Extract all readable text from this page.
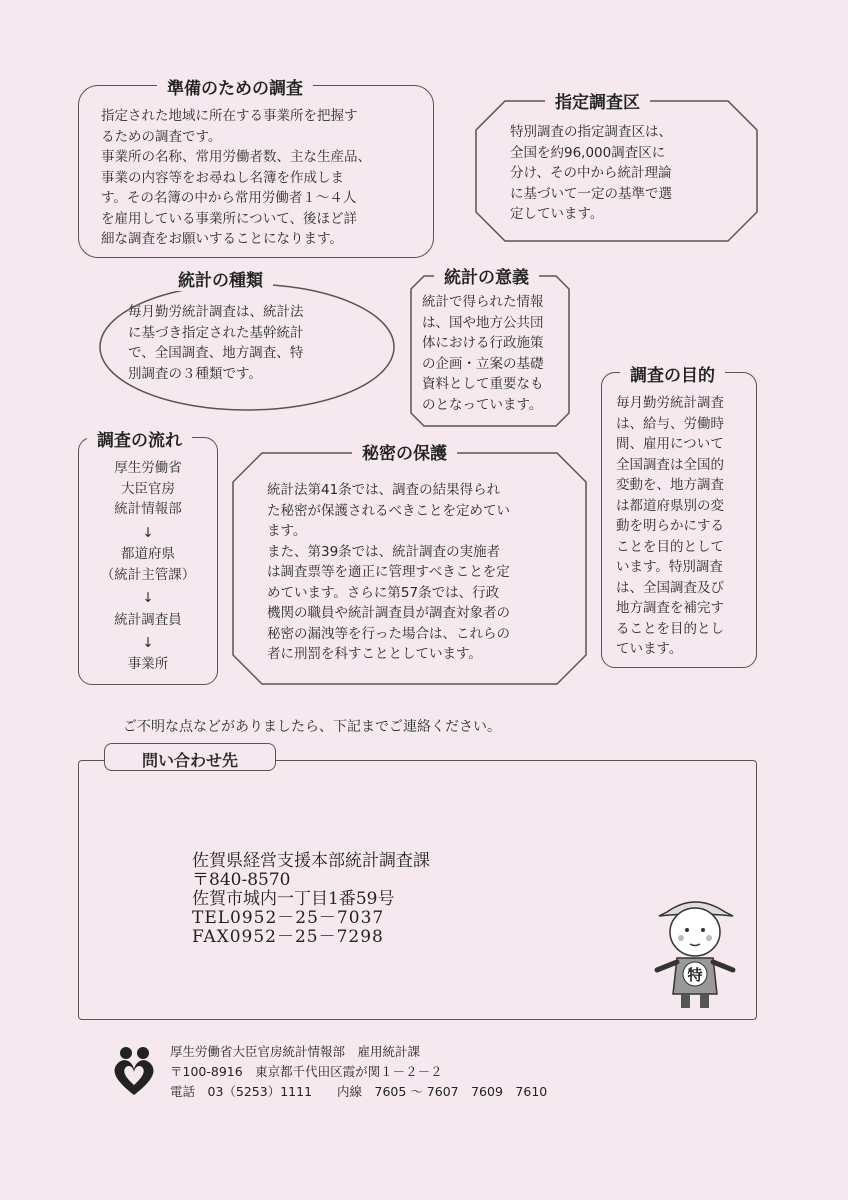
準備のための調査
指定された地域に所在する事業所を把握す
るための調査です。
事業所の名称、常用労働者数、主な生産品、
事業の内容等をお尋ねし名簿を作成しま
す。その名簿の中から常用労働者１～４人
を雇用している事業所について、後ほど詳
細な調査をお願いすることになります。
指定調査区
特別調査の指定調査区は、
全国を約96,000調査区に
分け、その中から統計理論
に基づいて一定の基準で選
定しています。
統計の種類
毎月勤労統計調査は、統計法
に基づき指定された基幹統計
で、全国調査、地方調査、特
別調査の３種類です。
統計の意義
統計で得られた情報
は、国や地方公共団
体における行政施策
の企画・立案の基礎
資料として重要なも
のとなっています。
調査の目的
毎月勤労統計調査
は、給与、労働時
間、雇用について
全国調査は全国的
変動を、地方調査
は都道府県別の変
動を明らかにする
ことを目的として
います。特別調査
は、全国調査及び
地方調査を補完す
ることを目的とし
ています。
調査の流れ
厚生労働省
大臣官房
統計情報部
↓
都道府県
（統計主管課）
↓
統計調査員
↓
事業所
秘密の保護
統計法第41条では、調査の結果得られ
た秘密が保護されるべきことを定めてい
ます。
また、第39条では、統計調査の実施者
は調査票等を適正に管理すべきことを定
めています。さらに第57条では、行政
機関の職員や統計調査員が調査対象者の
秘密の漏洩等を行った場合は、これらの
者に刑罰を科すこととしています。
ご不明な点などがありましたら、下記までご連絡ください。
問い合わせ先
佐賀県経営支援本部統計調査課
〒840-8570
佐賀市城内一丁目1番59号
TEL0952－25－7037
FAX0952－25－7298
特
厚生労働省大臣官房統計情報部　雇用統計課
〒100-8916　東京都千代田区霞が関１－２－２
電話　03（5253）1111　　内線　7605 ～ 7607　7609　7610
